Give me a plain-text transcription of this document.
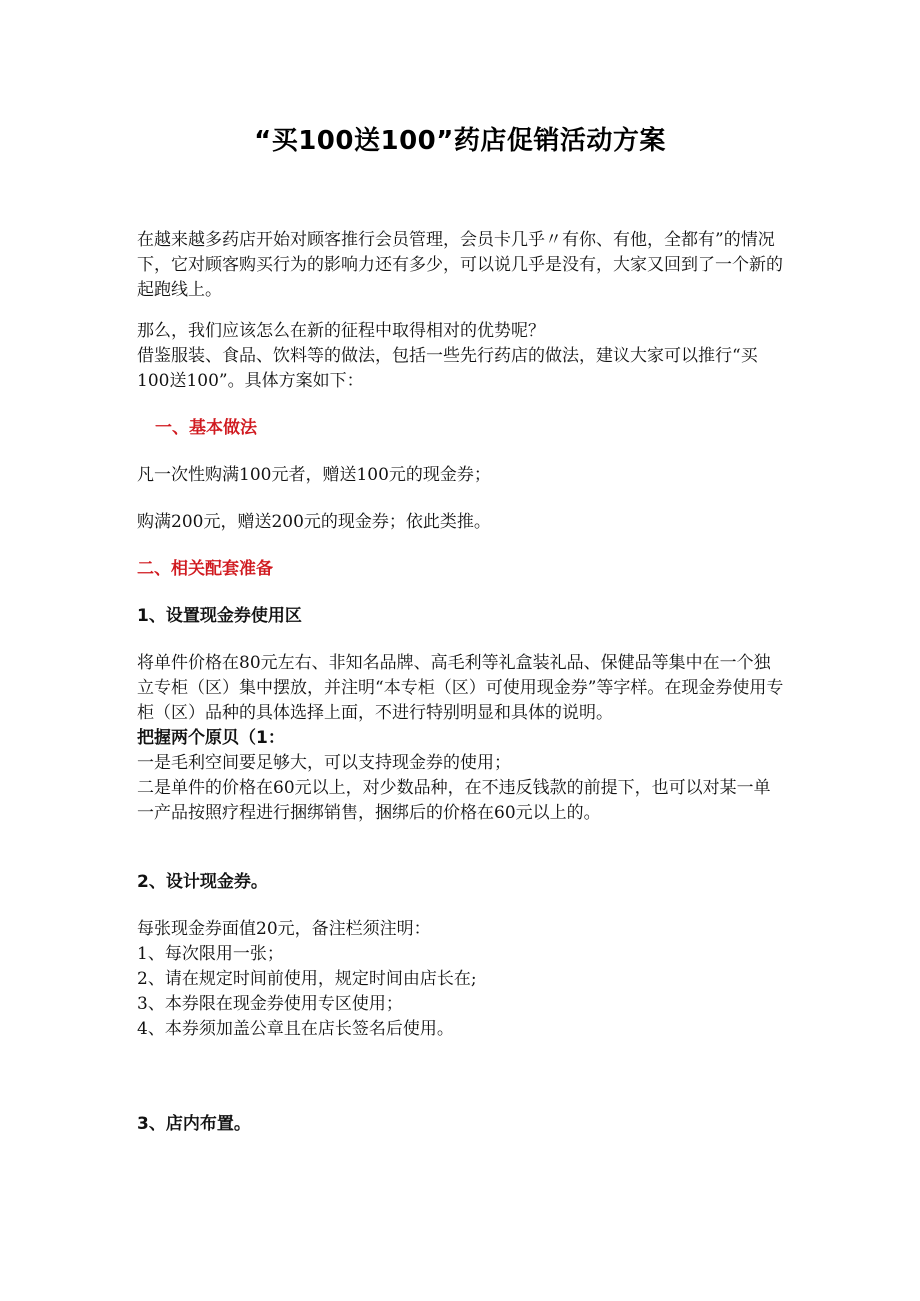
“买100送100”药店促销活动方案

在越来越多药店开始对顾客推行会员管理，会员卡几乎〃有你、有他，全都有”的情况下，它对顾客购买行为的影响力还有多少，可以说几乎是没有，大家又回到了一个新的起跑线上。

那么，我们应该怎么在新的征程中取得相对的优势呢？

借鉴服装、食品、饮料等的做法，包括一些先行药店的做法，建议大家可以推行“买100送100”。具体方案如下：

一、基本做法

凡一次性购满100元者，赠送100元的现金券；

购满200元，赠送200元的现金券；依此类推。

二、相关配套准备

1、设置现金券使用区

将单件价格在80元左右、非知名品牌、高毛利等礼盒装礼品、保健品等集中在一个独立专柜（区）集中摆放，并注明“本专柜（区）可使用现金券”等字样。在现金券使用专柜（区）品种的具体选择上面，不进行特别明显和具体的说明。

把握两个原贝（1：

一是毛利空间要足够大，可以支持现金券的使用；

二是单件的价格在60元以上，对少数品种，在不违反钱款的前提下，也可以对某一单一产品按照疗程进行捆绑销售，捆绑后的价格在60元以上的。

2、设计现金券。

每张现金券面值20元，备注栏须注明：

1、每次限用一张；

2、请在规定时间前使用，规定时间由店长在;

3、本券限在现金券使用专区使用；

4、本券须加盖公章且在店长签名后使用。

3、店内布置。
